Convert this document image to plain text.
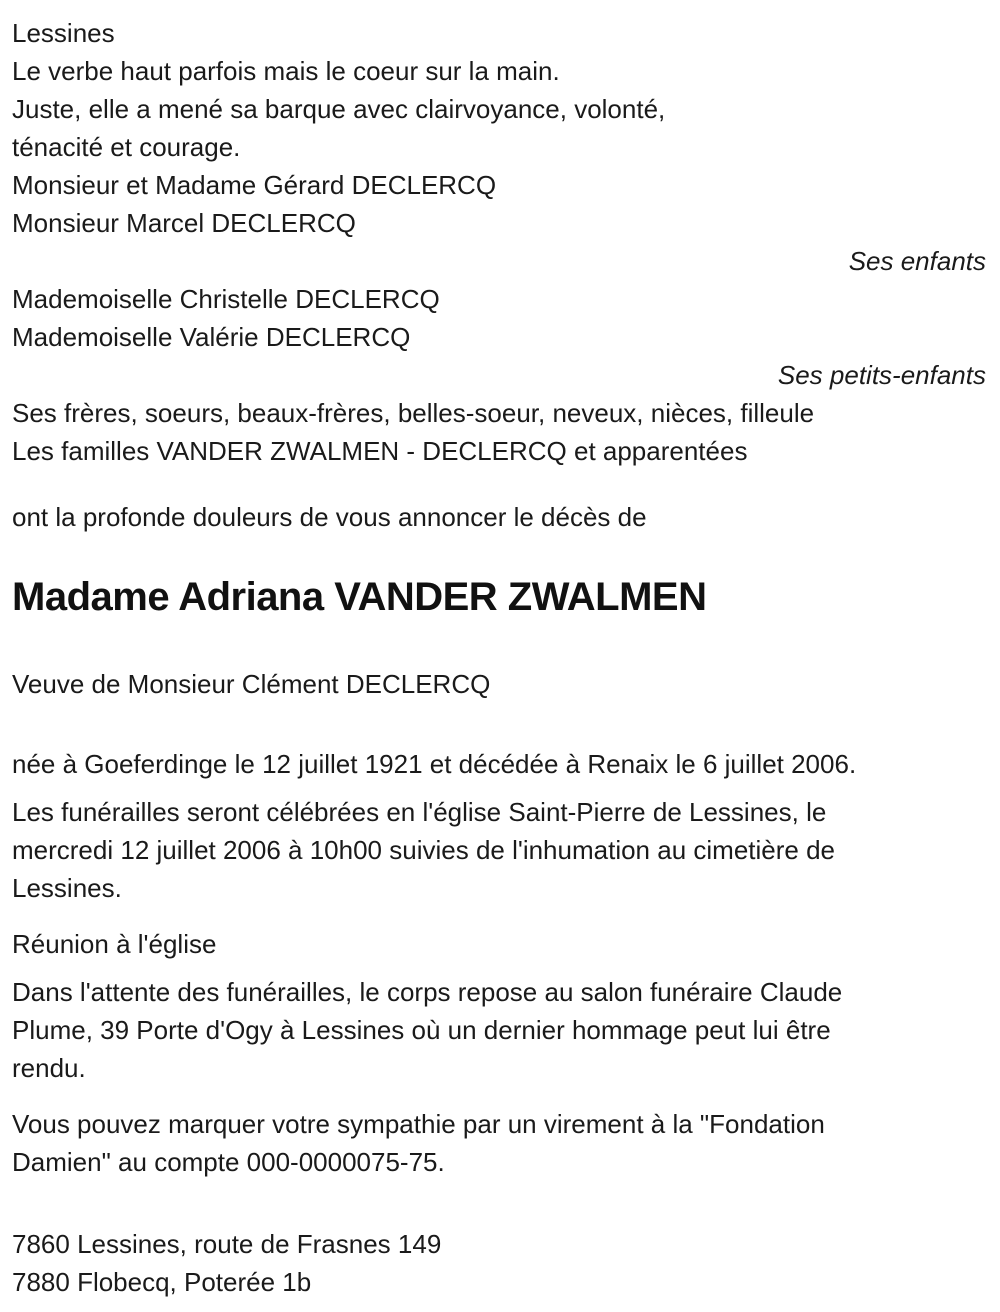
Lessines
Le verbe haut parfois mais le coeur sur la main.
Juste, elle a mené sa barque avec clairvoyance, volonté,
ténacité et courage.
Monsieur et Madame Gérard DECLERCQ
Monsieur Marcel DECLERCQ
Ses enfants
Mademoiselle Christelle DECLERCQ
Mademoiselle Valérie DECLERCQ
Ses petits-enfants
Ses frères, soeurs, beaux-frères, belles-soeur, neveux, nièces, filleule
Les familles VANDER ZWALMEN - DECLERCQ et apparentées
ont la profonde douleurs de vous annoncer le décès de
Madame Adriana VANDER ZWALMEN
Veuve de Monsieur Clément DECLERCQ
née à Goeferdinge le 12 juillet 1921 et décédée à Renaix le 6 juillet 2006.
Les funérailles seront célébrées en l'église Saint-Pierre de Lessines, le
mercredi 12 juillet 2006 à 10h00 suivies de l'inhumation au cimetière de
Lessines.
Réunion à l'église
Dans l'attente des funérailles, le corps repose au salon funéraire Claude
Plume, 39 Porte d'Ogy à Lessines où un dernier hommage peut lui être
rendu.
Vous pouvez marquer votre sympathie par un virement à la "Fondation
Damien" au compte 000-0000075-75.
7860 Lessines, route de Frasnes 149
7880 Flobecq, Poterée 1b
